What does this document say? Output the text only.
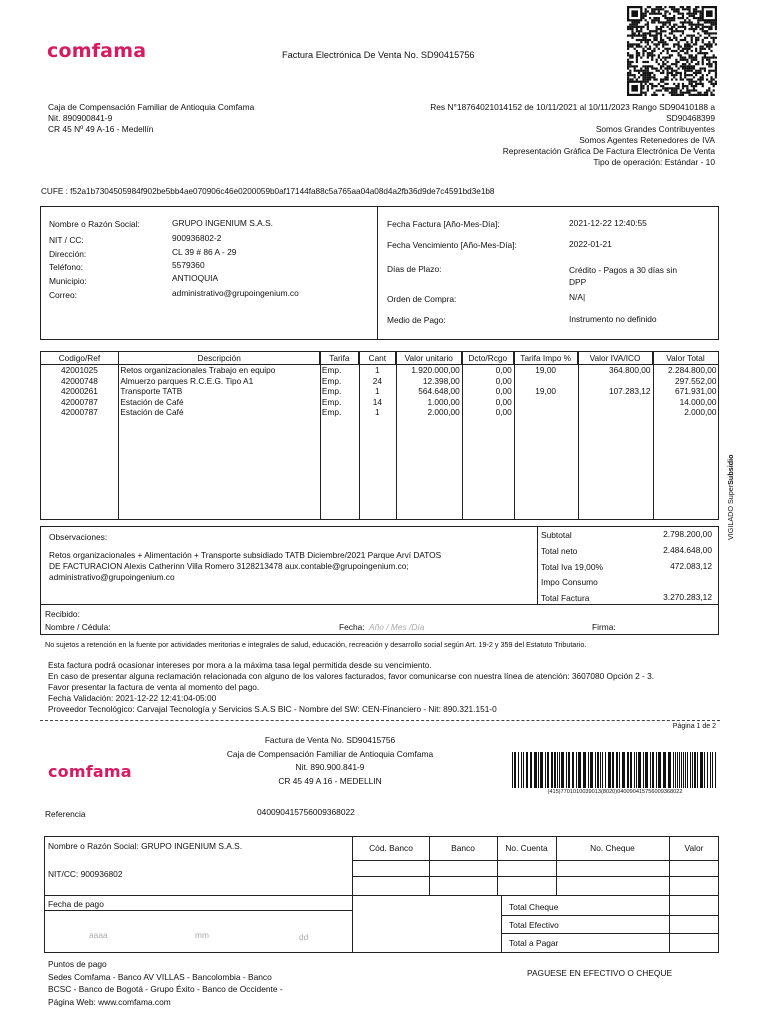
comfama	Factura Electrónica De Venta No. SD90415756
Caja de Compensación Familiar de Antioquia Comfama
Nit. 890900841-9
CR 45 Nº 49 A-16 - Medellín
Res N°18764021014152 de 10/11/2021 al 10/11/2023 Rango SD90410188 a
SD90468399
Somos Grandes Contribuyentes
Somos Agentes Retenedores de IVA
Representación Gráfica De Factura Electrónica De Venta
Tipo de operación: Estándar - 10
CUFE : f52a1b7304505984f902be5bb4ae070906c46e0200059b0af17144fa88c5a765aa04a08d4a2fb36d9de7c4591bd3e1b8
Nombre o Razón Social:	GRUPO INGENIUM S.A.S.
NIT / CC:	900936802-2
Dirección:	CL 39 # 86 A - 29
Teléfono:	5579360
Municipio:	ANTIOQUIA
Correo:	administrativo@grupoingenium.co
Fecha Factura [Año-Mes-Día]:	2021-12-22 12:40:55
Fecha Vencimiento [Año-Mes-Día]:	2022-01-21
Días de Plazo:	Crédito - Pagos a 30 días sin
DPP
Orden de Compra:	N/A|
Medio de Pago:	Instrumento no definido
Codigo/Ref	Descripción	Tarifa	Cant	Valor unitario	Dcto/Rcgo	Tarifa Impo %	Valor IVA/ICO	Valor Total
42001025	Retos organizacionales Trabajo en equipo	Emp.	1	1.920.000,00	0,00	19,00	364.800,00	2.284.800,00
42000748	Almuerzo parques R.C.E.G. Tipo A1	Emp.	24	12.398,00	0,00			297.552,00
42000261	Transporte TATB	Emp.	1	564.648,00	0,00	19,00	107.283,12	671.931,00
42000787	Estación de Café	Emp.	14	1.000,00	0,00			14.000,00
42000787	Estación de Café	Emp.	1	2.000,00	0,00			2.000,00
Observaciones:
Retos organizacionales + Alimentación + Transporte subsidiado TATB Diciembre/2021 Parque Arví DATOS
DE FACTURACION Alexis Catherinn Villa Romero 3128213478 aux.contable@grupoingenium.co;
administrativo@grupoingenium.co
Subtotal	2.798.200,00
Total neto	2.484.648,00
Total Iva 19,00%	472.083,12
Impo Consumo
Total Factura	3.270.283,12
Recibido:
Nombre / Cédula:	Fecha: Año / Mes /Día	Firma:
No sujetos a retención en la fuente por actividades meritorias e integrales de salud, educación, recreación y desarrollo social según Art. 19-2 y 359 del Estatuto Tributario.
Esta factura podrá ocasionar intereses por mora a la máxima tasa legal permitida desde su vencimiento.
En caso de presentar alguna reclamación relacionada con alguno de los valores facturados, favor comunicarse con nuestra línea de atención: 3607080 Opción 2 - 3.
Favor presentar la factura de venta al momento del pago.
Fecha Validación: 2021-12-22 12:41:04-05:00
Proveedor Tecnológico: Carvajal Tecnología y Servicios S.A.S BIC - Nombre del SW: CEN-Financiero - Nit: 890.321.151-0
Página 1 de 2
comfama
Factura de Venta No. SD90415756
Caja de Compensación Familiar de Antioquia Comfama
Nit. 890.900.841-9
CR 45 49 A 16 - MEDELLIN
(415)7701010039013(8020)040090415756009368022
Referencia	040090415756009368022
Nombre o Razón Social: GRUPO INGENIUM S.A.S.
NIT/CC: 900936802
Fecha de pago
aaaa	mm	dd
Cód. Banco	Banco	No. Cuenta	No. Cheque	Valor
Total Cheque
Total Efectivo
Total a Pagar
Puntos de pago
Sedes Comfama - Banco AV VILLAS - Bancolombia - Banco
BCSC - Banco de Bogotá - Grupo Éxito - Banco de Occidente -
Página Web: www.comfama.com
PAGUESE EN EFECTIVO O CHEQUE
VIGILADO SuperSubsidio
